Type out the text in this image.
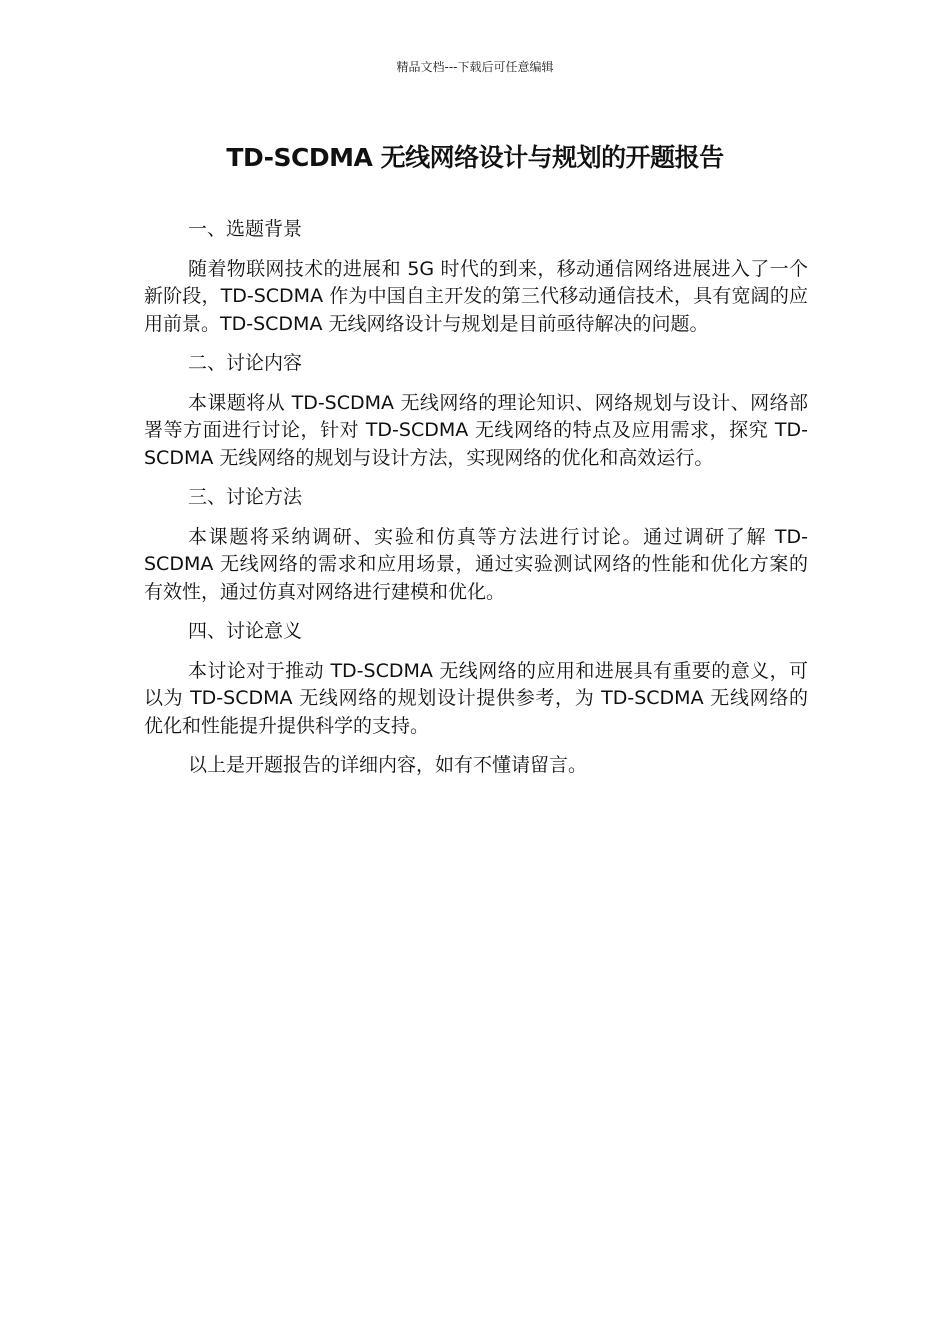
精品文档---下载后可任意编辑
TD-SCDMA 无线网络设计与规划的开题报告
一、选题背景

随着物联网技术的进展和 5G 时代的到来，移动通信网络进展进入了一个新阶段，TD-SCDMA 作为中国自主开发的第三代移动通信技术，具有宽阔的应用前景。TD-SCDMA 无线网络设计与规划是目前亟待解决的问题。

二、讨论内容

本课题将从 TD-SCDMA 无线网络的理论知识、网络规划与设计、网络部署等方面进行讨论，针对 TD-SCDMA 无线网络的特点及应用需求，探究 TD-SCDMA 无线网络的规划与设计方法，实现网络的优化和高效运行。

三、讨论方法

本课题将采纳调研、实验和仿真等方法进行讨论。通过调研了解 TD-SCDMA 无线网络的需求和应用场景，通过实验测试网络的性能和优化方案的有效性，通过仿真对网络进行建模和优化。

四、讨论意义

本讨论对于推动 TD-SCDMA 无线网络的应用和进展具有重要的意义，可以为 TD-SCDMA 无线网络的规划设计提供参考，为 TD-SCDMA 无线网络的优化和性能提升提供科学的支持。

以上是开题报告的详细内容，如有不懂请留言。
